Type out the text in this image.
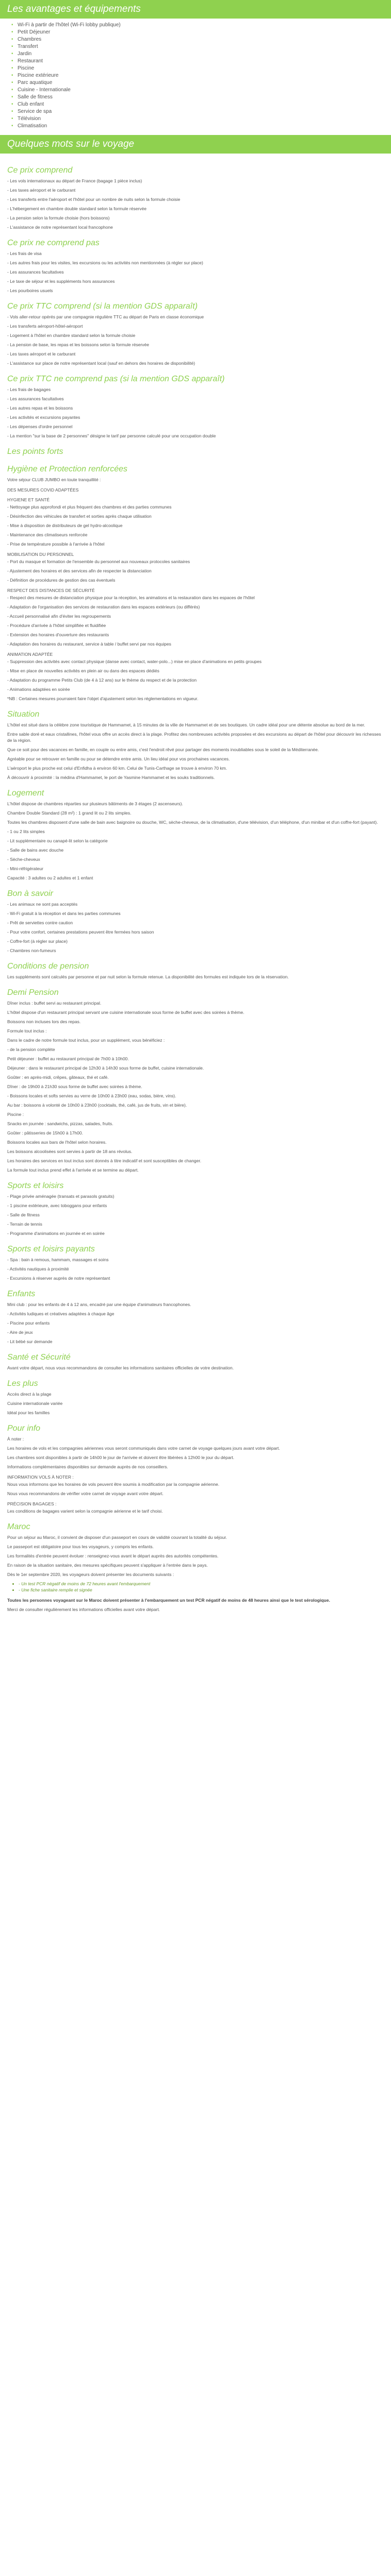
Les avantages et équipements
• Wi-Fi à partir de l'hôtel (Wi-Fi lobby publique)
• Petit Déjeuner
• Chambres
• Transfert
• Jardin
• Restaurant
• Piscine
• Piscine extérieure
• Parc aquatique
• Cuisine - Internationale
• Salle de fitness
• Club enfant
• Service de spa
• Télévision
• Climatisation
Quelques mots sur le voyage
Ce prix comprend

- Les vols internationaux au départ de France (bagage 1 pièce inclus)

- Les taxes aéroport et le carburant

- Les transferts entre l'aéroport et l'hôtel pour un nombre de nuits selon la formule choisie

- L'hébergement en chambre double standard selon la formule réservée

- La pension selon la formule choisie (hors boissons)

- L'assistance de notre représentant local francophone

Ce prix ne comprend pas

- Les frais de visa

- Les autres frais pour les visites, les excursions ou les activités non mentionnées (à régler sur place)

- Les assurances facultatives

- Le taxe de séjour et les suppléments hors assurances

- Les pourboires usuels

Ce prix TTC comprend (si la mention GDS apparaît)

- Vols aller-retour opérés par une compagnie régulière TTC au départ de Paris en classe économique

- Les transferts aéroport-hôtel-aéroport

- Logement à l'hôtel en chambre standard selon la formule choisie

- La pension de base, les repas et les boissons selon la formule réservée

- Les taxes aéroport et le carburant

- L'assistance sur place de notre représentant local (sauf en dehors des horaires de disponibilité)

Ce prix TTC ne comprend pas (si la mention GDS apparaît)

- Les frais de bagages

- Les assurances facultatives

- Les autres repas et les boissons

- Les activités et excursions payantes

- Les dépenses d'ordre personnel

- La mention "sur la base de 2 personnes" désigne le tarif par personne calculé pour une occupation double

Les points forts
Hygiène et Protection renforcées

Votre séjour CLUB JUMBO en toute tranquillité :

DES MESURES COVID ADAPTÉES
HYGIENE ET SANTÉ

- Nettoyage plus approfondi et plus fréquent des chambres et des parties communes

- Désinfection des véhicules de transfert et sorties après chaque utilisation

- Mise à disposition de distributeurs de gel hydro-alcoolique

- Maintenance des climatiseurs renforcée

- Prise de température possible à l'arrivée à l'hôtel

MOBILISATION DU PERSONNEL

- Port du masque et formation de l'ensemble du personnel aux nouveaux protocoles sanitaires

- Ajustement des horaires et des services afin de respecter la distanciation

- Définition de procédures de gestion des cas éventuels

RESPECT DES DISTANCES DE SÉCURITÉ

- Respect des mesures de distanciation physique pour la réception, les animations et la restauration dans les espaces de l'hôtel

- Adaptation de l'organisation des services de restauration dans les espaces extérieurs (ou différés)

- Accueil personnalisé afin d'éviter les regroupements

- Procédure d'arrivée à l'hôtel simplifiée et fluidifiée

- Extension des horaires d'ouverture des restaurants

- Adaptation des horaires du restaurant, service à table / buffet servi par nos équipes

ANIMATION ADAPTÉE

- Suppression des activités avec contact physique (danse avec contact, water-polo...) mise en place d'animations en petits groupes

- Mise en place de nouvelles activités en plein air ou dans des espaces dédiés

- Adaptation du programme Petits Club (de 4 à 12 ans) sur le thème du respect et de la protection

- Animations adaptées en soirée

*NB : Certaines mesures pourraient faire l'objet d'ajustement selon les réglementations en vigueur.

Situation

L'hôtel est situé dans la célèbre zone touristique de Hammamet, à 15 minutes de la ville de Hammamet et de ses boutiques. Un cadre idéal pour une détente absolue au bord de la mer.

Entre sable doré et eaux cristallines, l'hôtel vous offre un accès direct à la plage. Profitez des nombreuses activités proposées et des excursions au départ de l'hôtel pour découvrir les richesses de la région.

Que ce soit pour des vacances en famille, en couple ou entre amis, c'est l'endroit rêvé pour partager des moments inoubliables sous le soleil de la Méditerranée.

Agréable pour se retrouver en famille ou pour se détendre entre amis. Un lieu idéal pour vos prochaines vacances.

L'aéroport le plus proche est celui d'Enfidha à environ 60 km. Celui de Tunis-Carthage se trouve à environ 70 km.

À découvrir à proximité : la médina d'Hammamet, le port de Yasmine Hammamet et les souks traditionnels.

Logement

L'hôtel dispose de chambres réparties sur plusieurs bâtiments de 3 étages (2 ascenseurs).

Chambre Double Standard (28 m²) : 1 grand lit ou 2 lits simples.

Toutes les chambres disposent d'une salle de bain avec baignoire ou douche, WC, sèche-cheveux, de la climatisation, d'une télévision, d'un téléphone, d'un minibar et d'un coffre-fort (payant).

- 1 ou 2 lits simples

- Lit supplémentaire ou canapé-lit selon la catégorie

- Salle de bains avec douche

- Sèche-cheveux

- Mini-réfrigérateur

Capacité : 3 adultes ou 2 adultes et 1 enfant

Bon à savoir

- Les animaux ne sont pas acceptés

- Wi-Fi gratuit à la réception et dans les parties communes

- Prêt de serviettes contre caution

- Pour votre confort, certaines prestations peuvent être fermées hors saison

- Coffre-fort (à régler sur place)

- Chambres non-fumeurs

Conditions de pension

Les suppléments sont calculés par personne et par nuit selon la formule retenue. La disponibilité des formules est indiquée lors de la réservation.

Demi Pension

Dîner inclus : buffet servi au restaurant principal.

L'hôtel dispose d'un restaurant principal servant une cuisine internationale sous forme de buffet avec des soirées à thème.

Boissons non incluses lors des repas.

Formule tout inclus :

Dans le cadre de notre formule tout inclus, pour un supplément, vous bénéficiez :

- de la pension complète

Petit déjeuner : buffet au restaurant principal de 7h00 à 10h00.

Déjeuner : dans le restaurant principal de 12h30 à 14h30 sous forme de buffet, cuisine internationale.

Goûter : en après-midi, crêpes, gâteaux, thé et café.

Dîner : de 19h00 à 21h30 sous forme de buffet avec soirées à thème.

- Boissons locales et softs servies au verre de 10h00 à 23h00 (eau, sodas, bière, vins).

Au bar : boissons à volonté de 10h00 à 23h00 (cocktails, thé, café, jus de fruits, vin et bière).

Piscine :

Snacks en journée : sandwichs, pizzas, salades, fruits.

Goûter : pâtisseries de 15h00 à 17h00.

Boissons locales aux bars de l'hôtel selon horaires.

Les boissons alcoolisées sont servies à partir de 18 ans révolus.

Les horaires des services en tout inclus sont donnés à titre indicatif et sont susceptibles de changer.

La formule tout inclus prend effet à l'arrivée et se termine au départ.

Sports et loisirs

- Plage privée aménagée (transats et parasols gratuits)

- 1 piscine extérieure, avec toboggans pour enfants

- Salle de fitness

- Terrain de tennis

- Programme d'animations en journée et en soirée

Sports et loisirs payants

- Spa : bain à remous, hammam, massages et soins

- Activités nautiques à proximité

- Excursions à réserver auprès de notre représentant

Enfants

Mini club : pour les enfants de 4 à 12 ans, encadré par une équipe d'animateurs francophones.

- Activités ludiques et créatives adaptées à chaque âge

- Piscine pour enfants

- Aire de jeux

- Lit bébé sur demande

Santé et Sécurité

Avant votre départ, nous vous recommandons de consulter les informations sanitaires officielles de votre destination.

Les plus

Accès direct à la plage

Cuisine internationale variée

Idéal pour les familles

Pour info

À noter :

Les horaires de vols et les compagnies aériennes vous seront communiqués dans votre carnet de voyage quelques jours avant votre départ.

Les chambres sont disponibles à partir de 14h00 le jour de l'arrivée et doivent être libérées à 12h00 le jour du départ.

Informations complémentaires disponibles sur demande auprès de nos conseillers.

INFORMATION VOLS À NOTER :

Nous vous informons que les horaires de vols peuvent être soumis à modification par la compagnie aérienne.

Nous vous recommandons de vérifier votre carnet de voyage avant votre départ.

PRÉCISION BAGAGES :

Les conditions de bagages varient selon la compagnie aérienne et le tarif choisi.

Maroc

Pour un séjour au Maroc, il convient de disposer d'un passeport en cours de validité couvrant la totalité du séjour.

Le passeport est obligatoire pour tous les voyageurs, y compris les enfants.

Les formalités d'entrée peuvent évoluer : renseignez-vous avant le départ auprès des autorités compétentes.

En raison de la situation sanitaire, des mesures spécifiques peuvent s'appliquer à l'entrée dans le pays.

Dès le 1er septembre 2020, les voyageurs doivent présenter les documents suivants :

• - Un test PCR négatif de moins de 72 heures avant l'embarquement
• - Une fiche sanitaire remplie et signée

Toutes les personnes voyageant sur le Maroc doivent présenter à l'embarquement un test PCR négatif de moins de 48 heures ainsi que le test sérologique.

Merci de consulter régulièrement les informations officielles avant votre départ.
